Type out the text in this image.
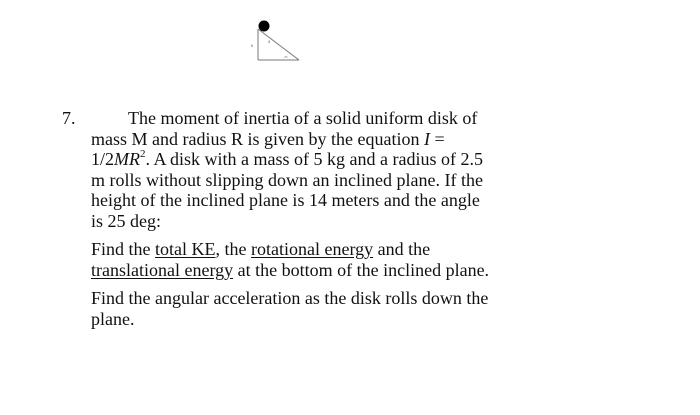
h
d
25
7.	The moment of inertia of a solid uniform disk of mass M and radius R is given by the equation $I = 1/2MR^2$. A disk with a mass of 5 kg and a radius of 2.5 m rolls without slipping down an inclined plane. If the height of the inclined plane is 14 meters and the angle is 25 deg:
Find the total KE, the rotational energy and the translational energy at the bottom of the inclined plane.
Find the angular acceleration as the disk rolls down the plane.
